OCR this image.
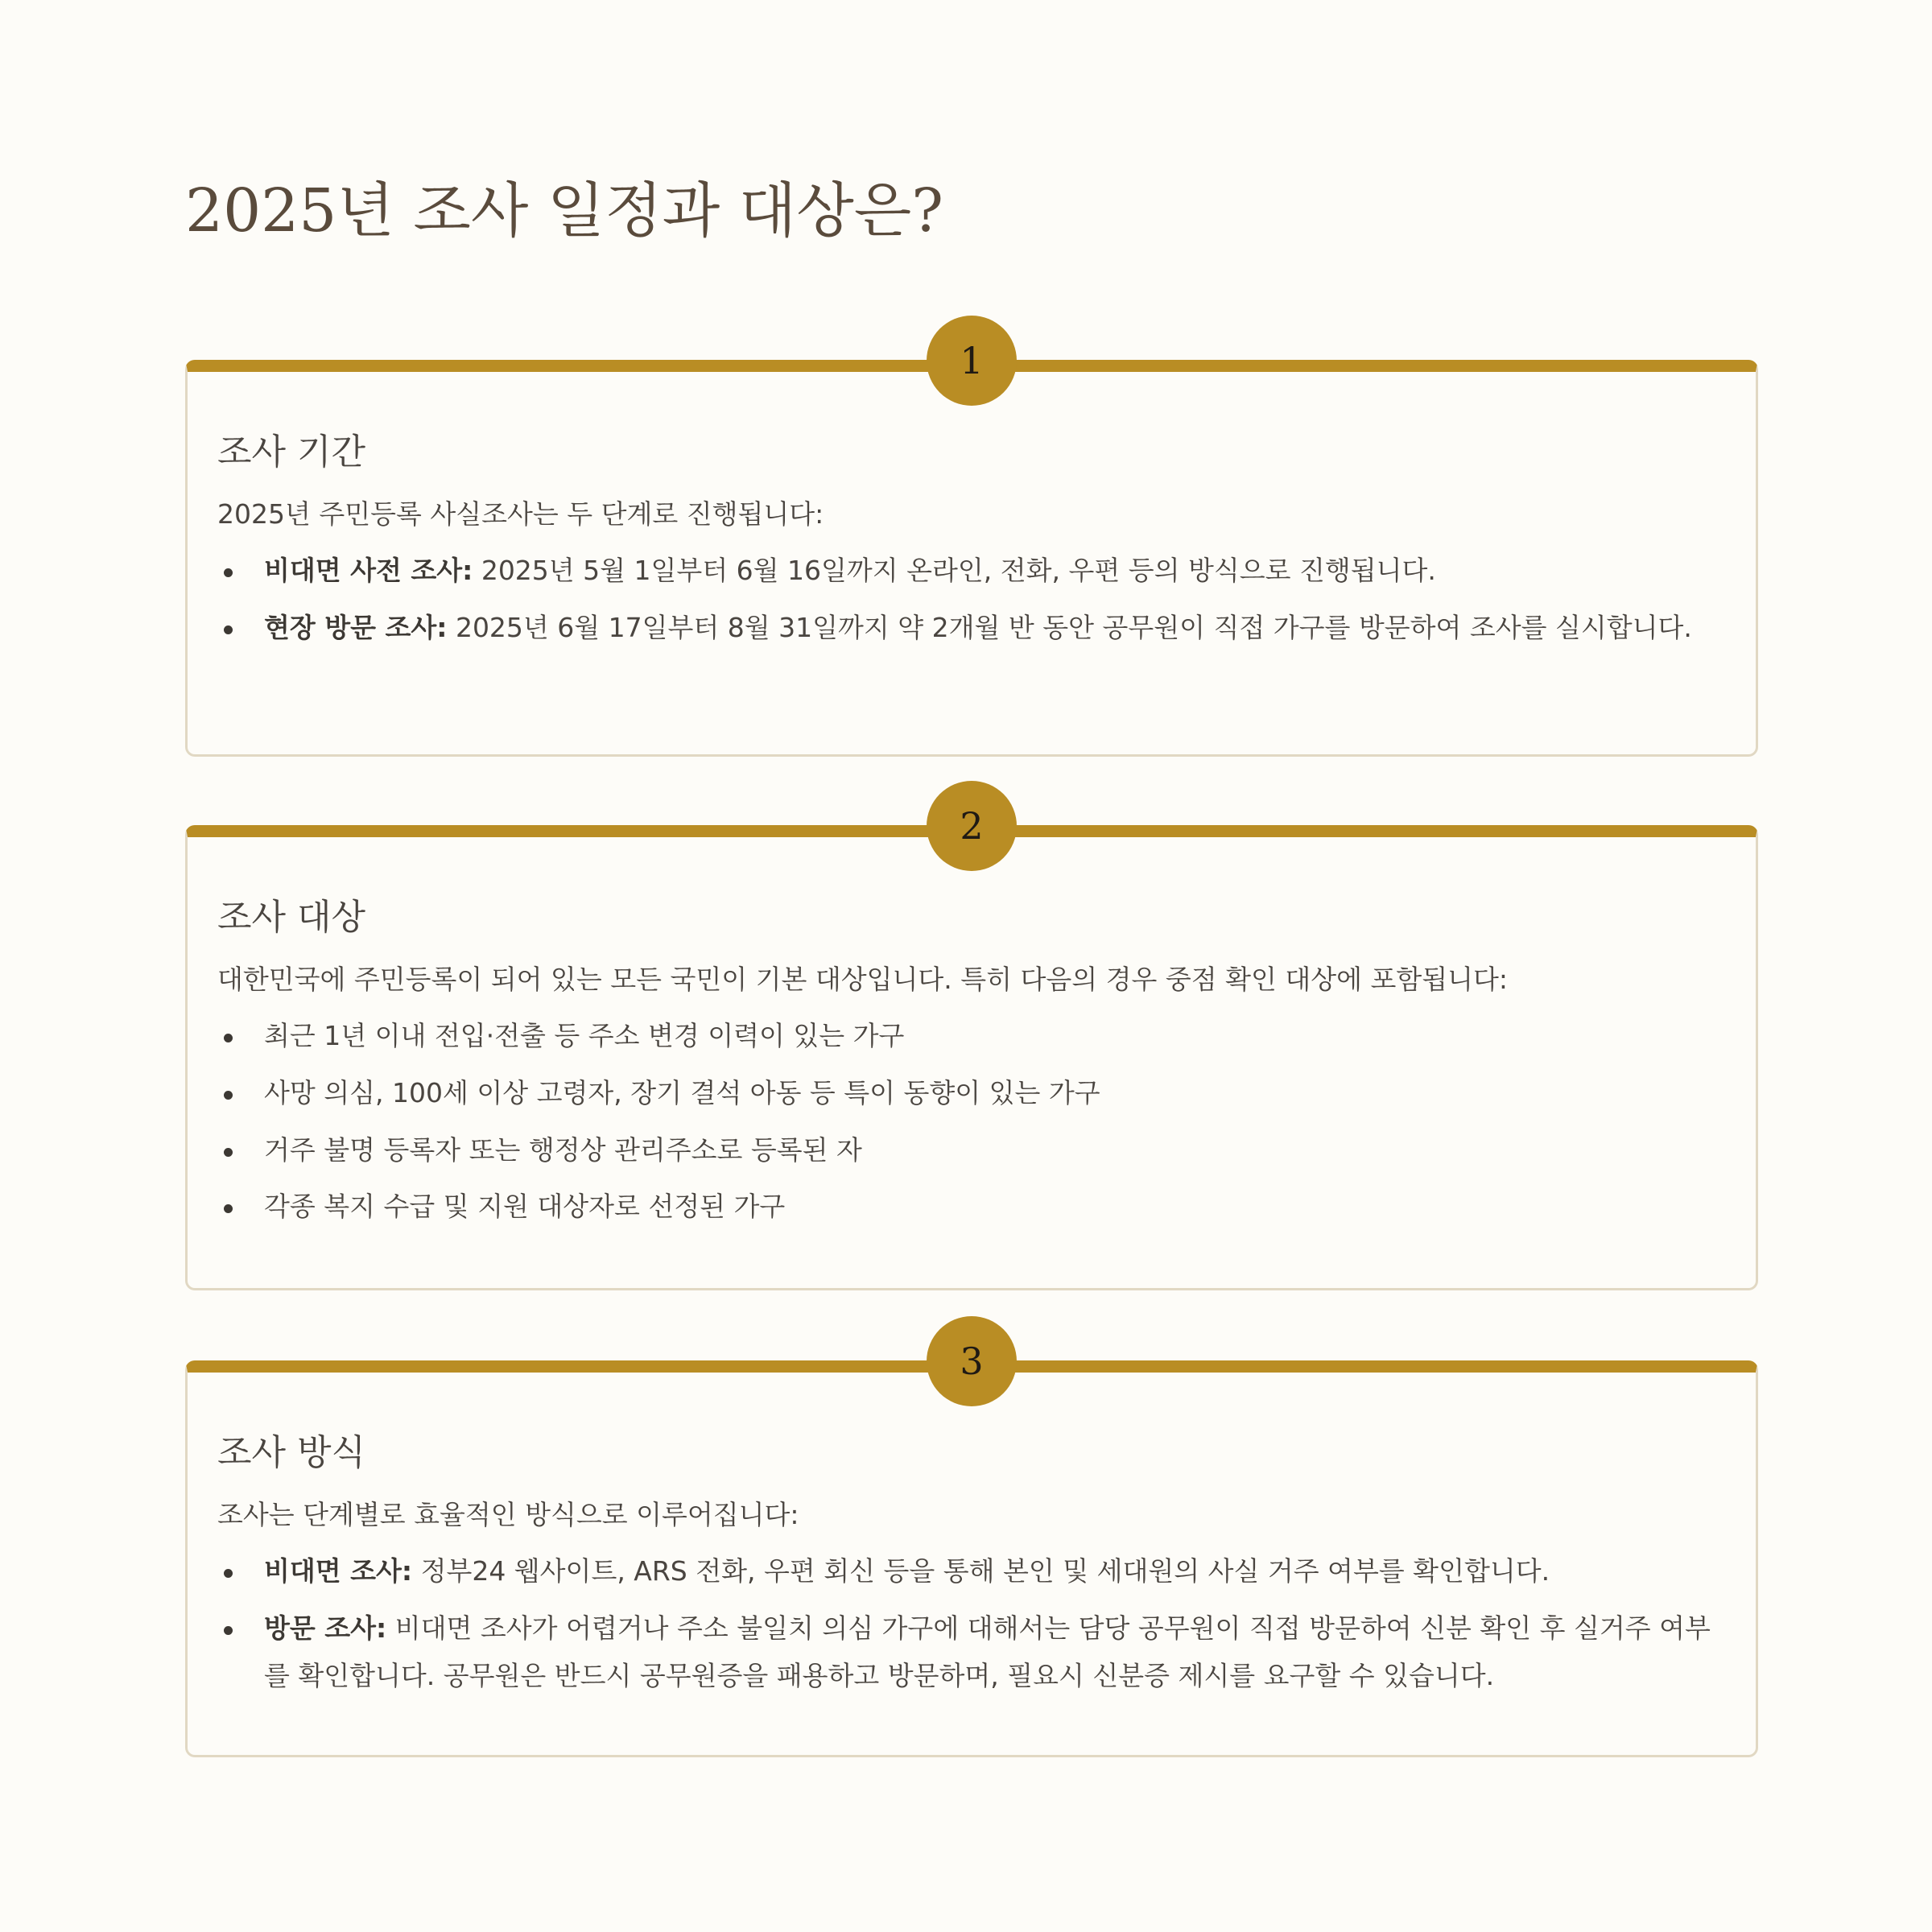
2025년 조사 일정과 대상은?
1
조사 기간

2025년 주민등록 사실조사는 두 단계로 진행됩니다:

비대면 사전 조사: 2025년 5월 1일부터 6월 16일까지 온라인, 전화, 우편 등의 방식으로 진행됩니다.
현장 방문 조사: 2025년 6월 17일부터 8월 31일까지 약 2개월 반 동안 공무원이 직접 가구를 방문하여 조사를 실시합니다.
2
조사 대상

대한민국에 주민등록이 되어 있는 모든 국민이 기본 대상입니다. 특히 다음의 경우 중점 확인 대상에 포함됩니다:

최근 1년 이내 전입·전출 등 주소 변경 이력이 있는 가구
사망 의심, 100세 이상 고령자, 장기 결석 아동 등 특이 동향이 있는 가구
거주 불명 등록자 또는 행정상 관리주소로 등록된 자
각종 복지 수급 및 지원 대상자로 선정된 가구
3
조사 방식

조사는 단계별로 효율적인 방식으로 이루어집니다:

비대면 조사: 정부24 웹사이트, ARS 전화, 우편 회신 등을 통해 본인 및 세대원의 사실 거주 여부를 확인합니다.
방문 조사: 비대면 조사가 어렵거나 주소 불일치 의심 가구에 대해서는 담당 공무원이 직접 방문하여 신분 확인 후 실거주 여부를 확인합니다. 공무원은 반드시 공무원증을 패용하고 방문하며, 필요시 신분증 제시를 요구할 수 있습니다.
